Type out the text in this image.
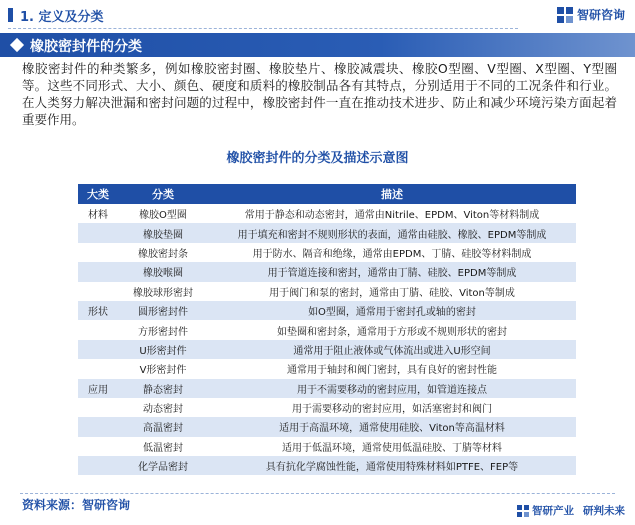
1. 定义及分类	智研咨询
橡胶密封件的分类
橡胶密封件的种类繁多，例如橡胶密封圈、橡胶垫片、橡胶减震块、橡胶O型圈、V型圈、X型圈、Y型圈等。这些不同形式、大小、颜色、硬度和质料的橡胶制品各有其特点，分别适用于不同的工况条件和行业。在人类努力解决泄漏和密封问题的过程中，橡胶密封件一直在推动技术进步、防止和减少环境污染方面起着重要作用。
橡胶密封件的分类及描述示意图
大类	分类	描述
材料	橡胶O型圈	常用于静态和动态密封，通常由Nitrile、EPDM、Viton等材料制成
橡胶垫圈	用于填充和密封不规则形状的表面，通常由硅胶、橡胶、EPDM等制成
橡胶密封条	用于防水、隔音和绝缘，通常由EPDM、丁腈、硅胶等材料制成
橡胶喉圈	用于管道连接和密封，通常由丁腈、硅胶、EPDM等制成
橡胶球形密封	用于阀门和泵的密封，通常由丁腈、硅胶、Viton等制成
形状	圆形密封件	如O型圈，通常用于密封孔或轴的密封
方形密封件	如垫圈和密封条，通常用于方形或不规则形状的密封
U形密封件	通常用于阻止液体或气体流出或进入U形空间
V形密封件	通常用于轴封和阀门密封，具有良好的密封性能
应用	静态密封	用于不需要移动的密封应用，如管道连接点
动态密封	用于需要移动的密封应用，如活塞密封和阀门
高温密封	适用于高温环境，通常使用硅胶、Viton等高温材料
低温密封	适用于低温环境，通常使用低温硅胶、丁腈等材料
化学品密封	具有抗化学腐蚀性能，通常使用特殊材料如PTFE、FEP等
资料来源：智研咨询	智研产业 研判未来
